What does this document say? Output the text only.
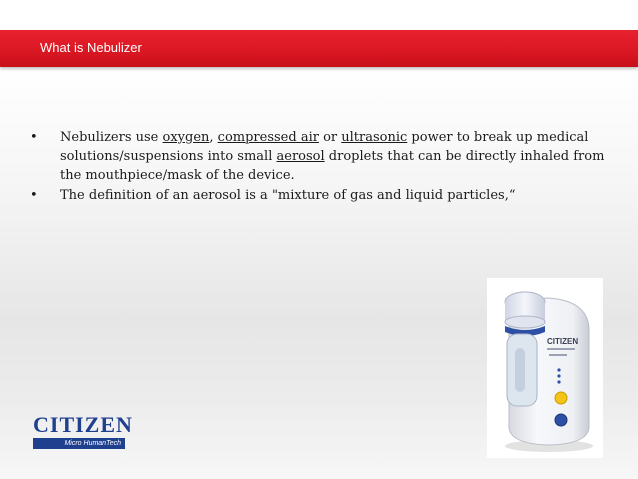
What is Nebulizer
• Nebulizers use oxygen, compressed air or ultrasonic power to break up medical solutions/suspensions into small aerosol droplets that can be directly inhaled from the mouthpiece/mask of the device.
• The definition of an aerosol is a "mixture of gas and liquid particles,“
CITIZEN
CITIZEN
Micro HumanTech
